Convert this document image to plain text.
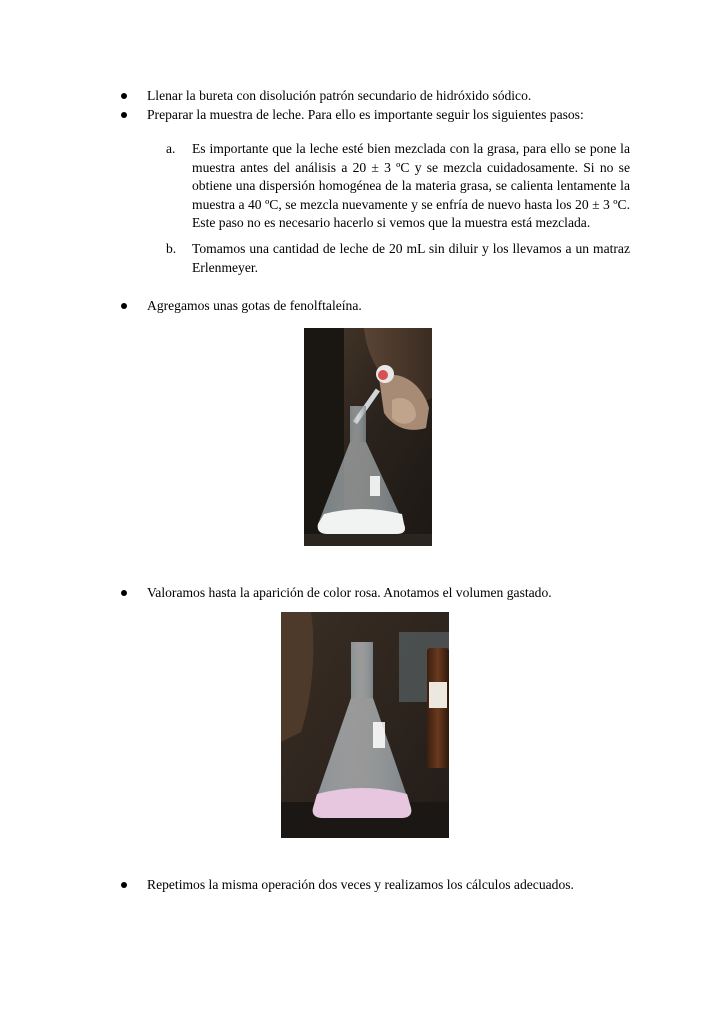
Llenar la bureta con disolución patrón secundario de hidróxido sódico.
Preparar la muestra de leche. Para ello es importante seguir los siguientes pasos:
a.	Es importante que la leche esté bien mezclada con la grasa, para ello se pone la muestra antes del análisis a 20 ± 3 ºC y se mezcla cuidadosamente. Si no se obtiene una dispersión homogénea de la materia grasa, se calienta lentamente la muestra a 40 ºC, se mezcla nuevamente y se enfría de nuevo hasta los 20 ± 3 ºC. Este paso no es necesario hacerlo si vemos que la muestra está mezclada.
b.	Tomamos una cantidad de leche de 20 mL sin diluir y los llevamos a un matraz Erlenmeyer.
Agregamos unas gotas de fenolftaleína.
Valoramos hasta la aparición de color rosa. Anotamos el volumen gastado.
Repetimos la misma operación dos veces y realizamos los cálculos adecuados.
